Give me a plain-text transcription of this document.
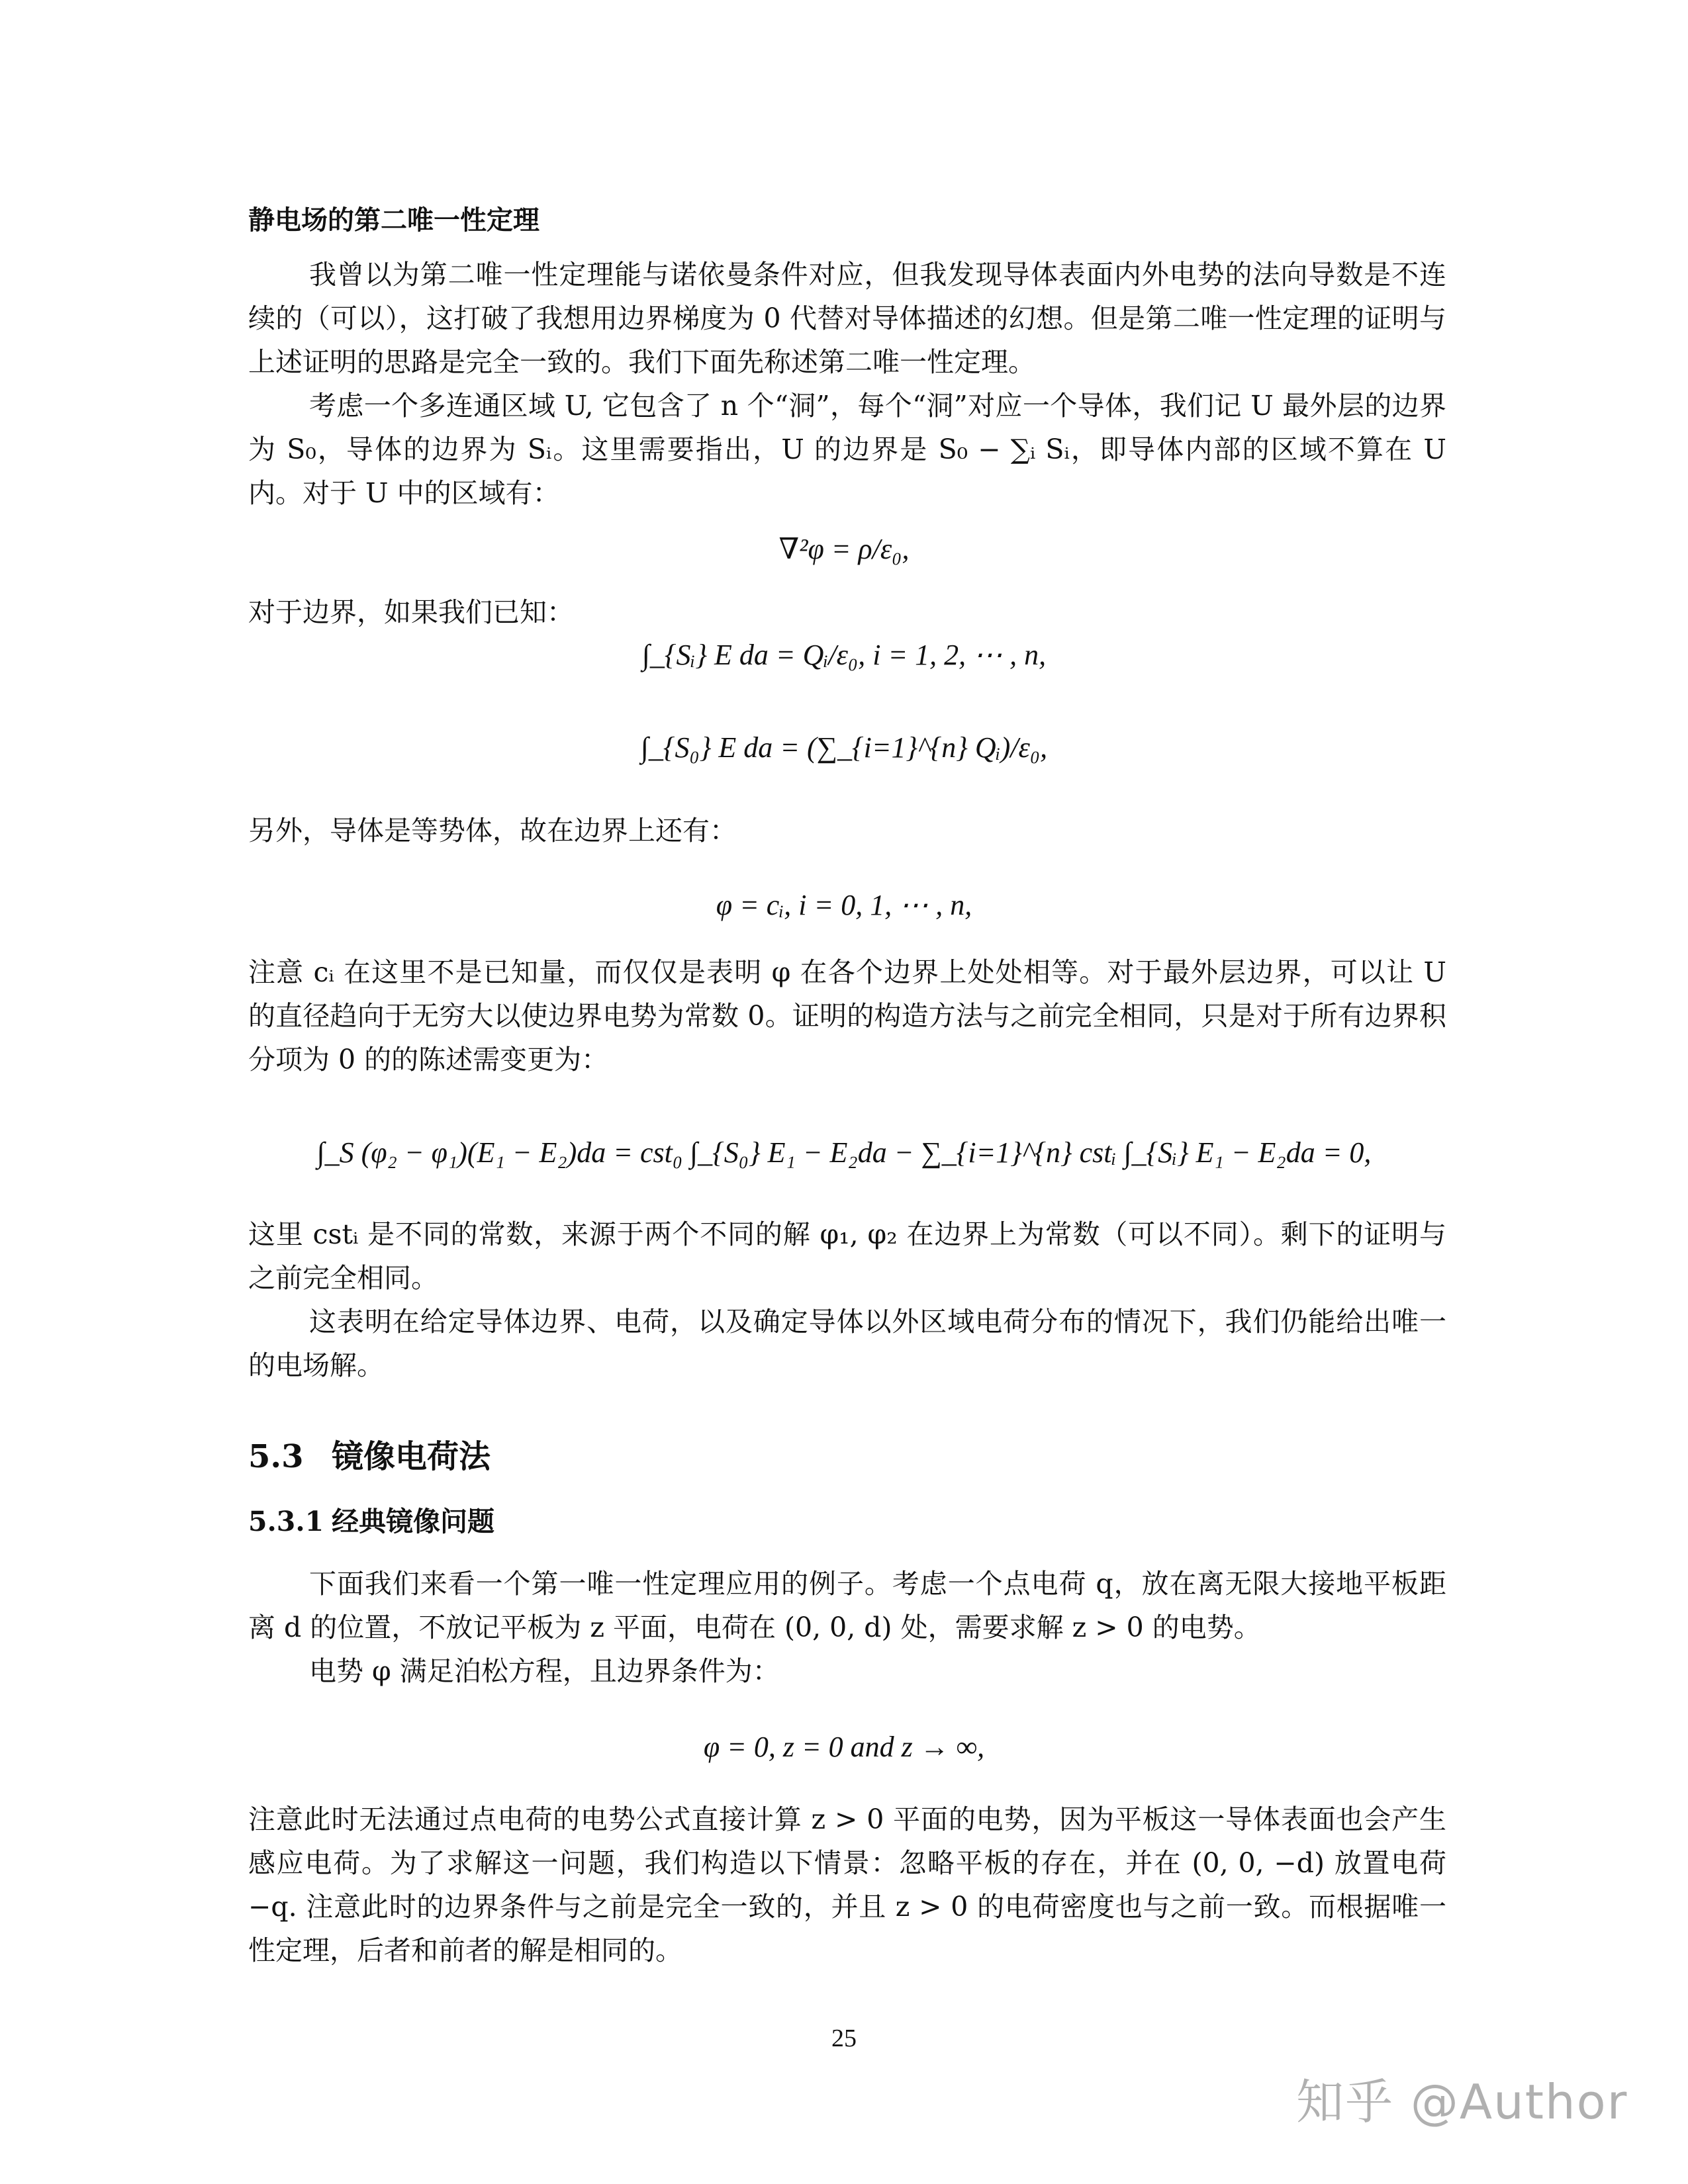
静电场的第二唯一性定理

我曾以为第二唯一性定理能与诺依曼条件对应，但我发现导体表面内外电势的法向导数是不连续的（可以），这打破了我想用边界梯度为 0 代替对导体描述的幻想。但是第二唯一性定理的证明与上述证明的思路是完全一致的。我们下面先称述第二唯一性定理。

考虑一个多连通区域 U, 它包含了 n 个“洞”，每个“洞”对应一个导体，我们记 U 最外层的边界为 S₀，导体的边界为 Sᵢ。这里需要指出，U 的边界是 S₀ − ∑ᵢ Sᵢ，即导体内部的区域不算在 U 内。对于 U 中的区域有：

∇²φ = ρ/ε₀,

对于边界，如果我们已知：

∫_{Sᵢ} E da = Qᵢ/ε₀, i = 1, 2, ⋯ , n,
∫_{S₀} E da = (∑_{i=1}^{n} Qᵢ)/ε₀,

另外，导体是等势体，故在边界上还有：

φ = cᵢ, i = 0, 1, ⋯ , n,

注意 cᵢ 在这里不是已知量，而仅仅是表明 φ 在各个边界上处处相等。对于最外层边界，可以让 U 的直径趋向于无穷大以使边界电势为常数 0。证明的构造方法与之前完全相同，只是对于所有边界积分项为 0 的的陈述需变更为：

∫_S (φ₂ − φ₁)(E₁ − E₂)da = cst₀ ∫_{S₀} E₁ − E₂da − ∑_{i=1}^{n} cstᵢ ∫_{Sᵢ} E₁ − E₂da = 0,

这里 cstᵢ 是不同的常数，来源于两个不同的解 φ₁, φ₂ 在边界上为常数（可以不同）。剩下的证明与之前完全相同。

这表明在给定导体边界、电荷，以及确定导体以外区域电荷分布的情况下，我们仍能给出唯一的电场解。

5.3 镜像电荷法

5.3.1 经典镜像问题

下面我们来看一个第一唯一性定理应用的例子。考虑一个点电荷 q，放在离无限大接地平板距离 d 的位置，不放记平板为 z 平面，电荷在 (0, 0, d) 处，需要求解 z > 0 的电势。

电势 φ 满足泊松方程，且边界条件为：

φ = 0, z = 0 and z → ∞,

注意此时无法通过点电荷的电势公式直接计算 z > 0 平面的电势，因为平板这一导体表面也会产生感应电荷。为了求解这一问题，我们构造以下情景：忽略平板的存在，并在 (0, 0, −d) 放置电荷 −q. 注意此时的边界条件与之前是完全一致的，并且 z > 0 的电荷密度也与之前一致。而根据唯一性定理，后者和前者的解是相同的。

25
知乎 @Author
